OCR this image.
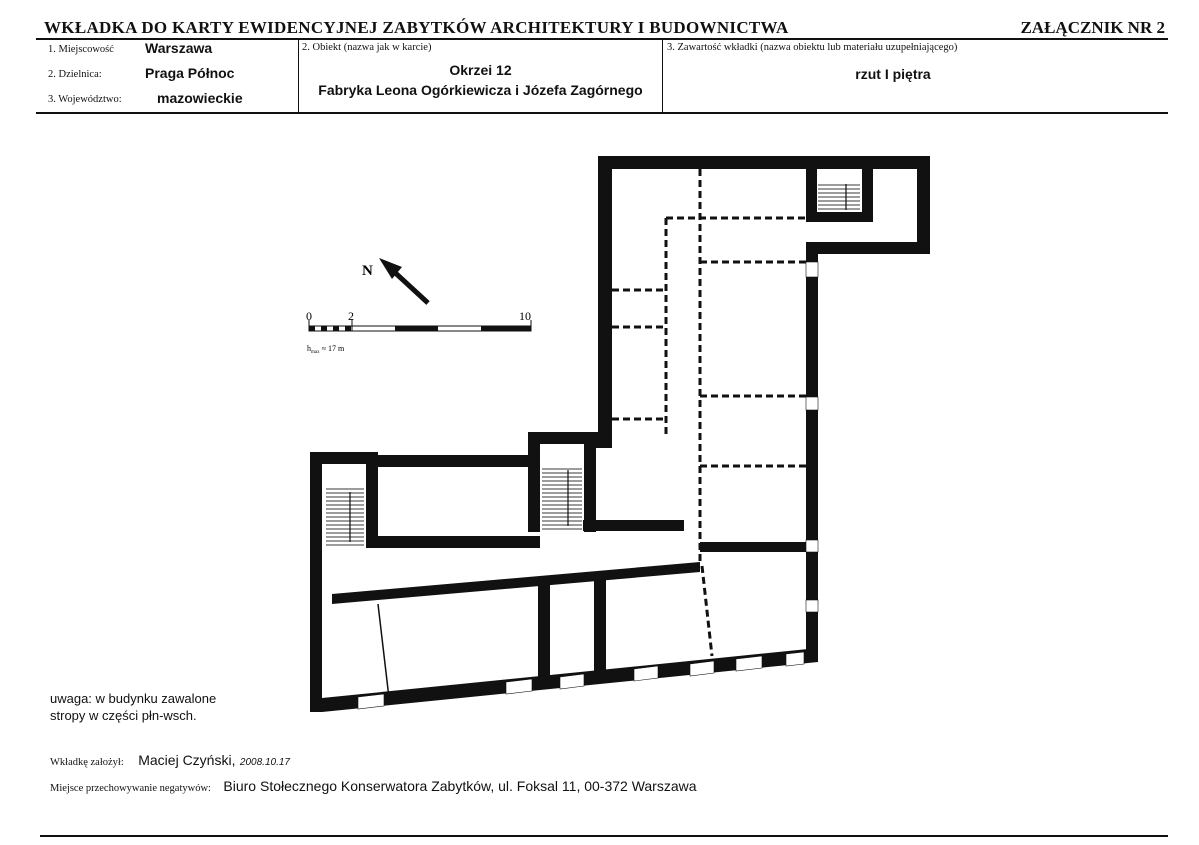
WKŁADKA DO KARTY EWIDENCYJNEJ ZABYTKÓW ARCHITEKTURY I BUDOWNICTWA	ZAŁĄCZNIK NR 2
1. Miejscowość Warszawa
2. Dzielnica:	Praga Północ
3. Województwo:	mazowieckie
2. Obiekt (nazwa jak w karcie)
Okrzei 12
Fabryka Leona Ogórkiewicza i Józefa Zagórnego
3. Zawartość wkładki (nazwa obiektu lub materiału uzupełniającego)
rzut I piętra
N
0	2	10
$h_{max} \approx 17$ m
uwaga: w budynku zawalone
stropy w części płn-wsch.
Wkładkę założył: Maciej Czyński, 2008.10.17
Miejsce przechowywanie negatywów: Biuro Stołecznego Konserwatora Zabytków, ul. Foksal 11, 00-372 Warszawa
